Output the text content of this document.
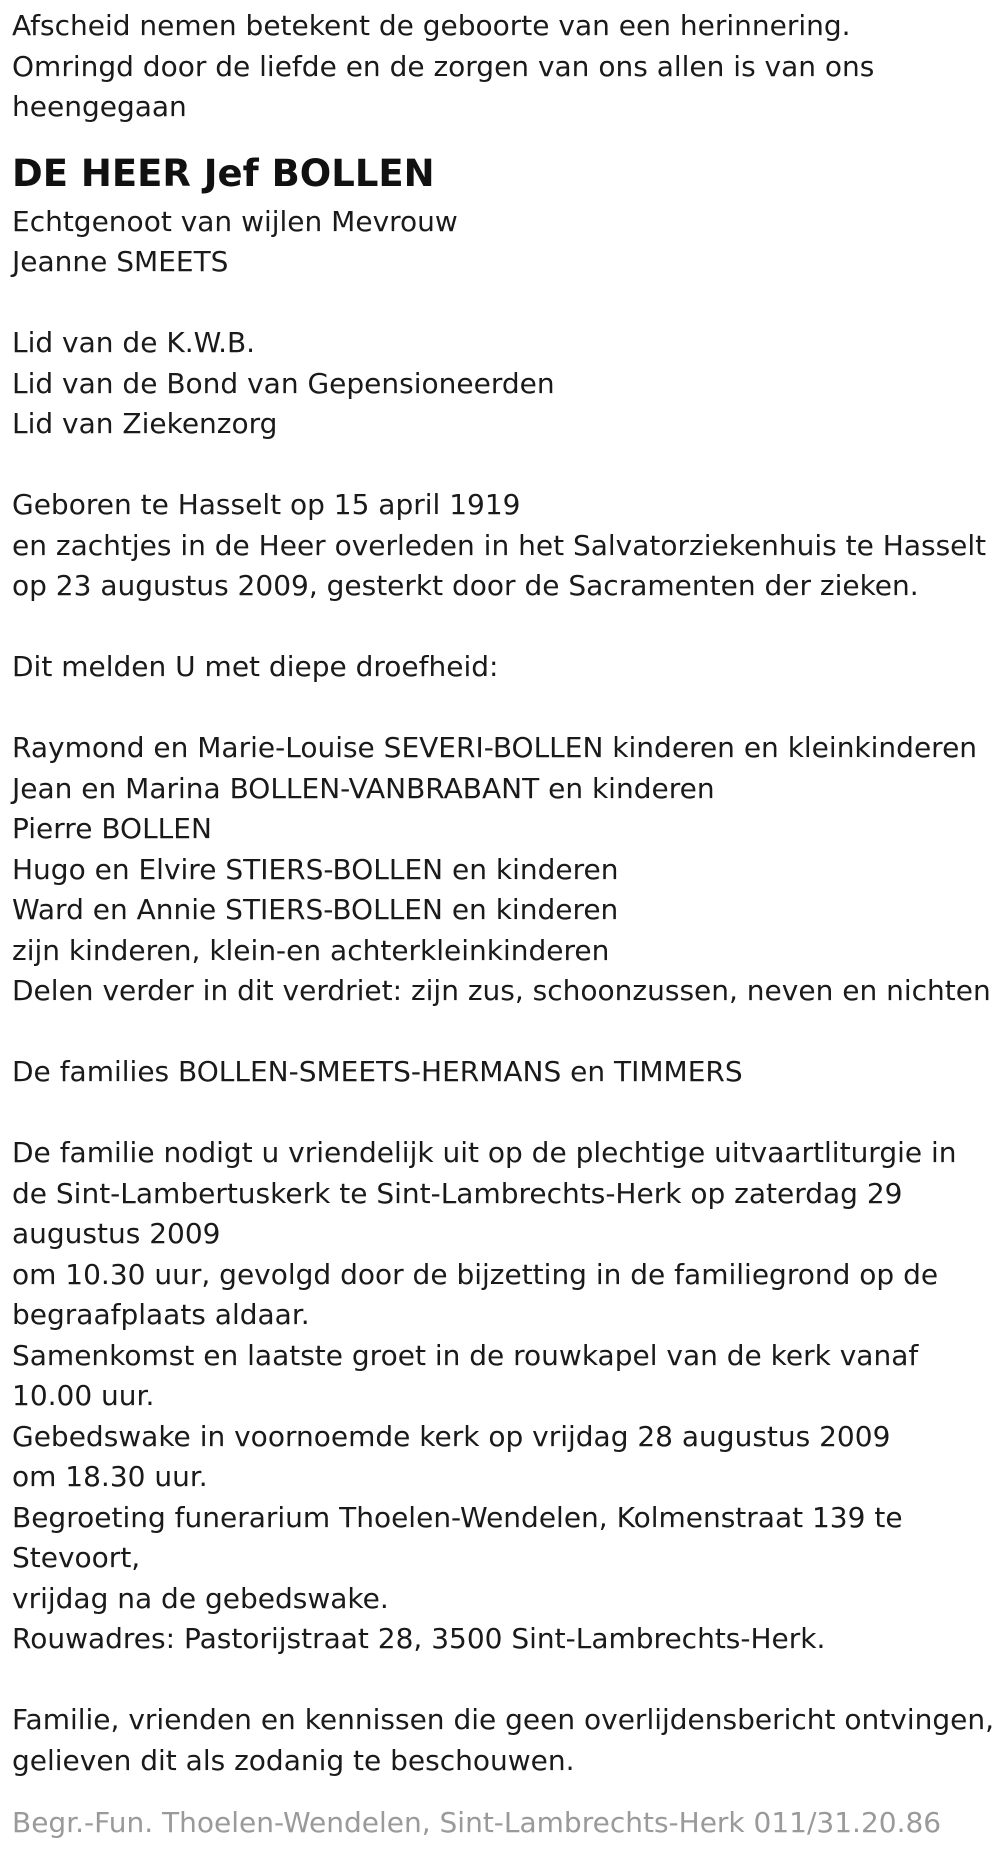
Afscheid nemen betekent de geboorte van een herinnering.
Omringd door de liefde en de zorgen van ons allen is van ons
heengegaan
DE HEER Jef BOLLEN
Echtgenoot van wijlen Mevrouw
Jeanne SMEETS
Lid van de K.W.B.
Lid van de Bond van Gepensioneerden
Lid van Ziekenzorg
Geboren te Hasselt op 15 april 1919
en zachtjes in de Heer overleden in het Salvatorziekenhuis te Hasselt
op 23 augustus 2009, gesterkt door de Sacramenten der zieken.
Dit melden U met diepe droefheid:
Raymond en Marie-Louise SEVERI-BOLLEN kinderen en kleinkinderen
Jean en Marina BOLLEN-VANBRABANT en kinderen
Pierre BOLLEN
Hugo en Elvire STIERS-BOLLEN en kinderen
Ward en Annie STIERS-BOLLEN en kinderen
zijn kinderen, klein-en achterkleinkinderen
Delen verder in dit verdriet: zijn zus, schoonzussen, neven en nichten
De families BOLLEN-SMEETS-HERMANS en TIMMERS
De familie nodigt u vriendelijk uit op de plechtige uitvaartliturgie in de Sint-Lambertuskerk te Sint-Lambrechts-Herk op zaterdag 29 augustus 2009
om 10.30 uur, gevolgd door de bijzetting in de familiegrond op de begraafplaats aldaar.
Samenkomst en laatste groet in de rouwkapel van de kerk vanaf 10.00 uur.
Gebedswake in voornoemde kerk op vrijdag 28 augustus 2009
om 18.30 uur.
Begroeting funerarium Thoelen-Wendelen, Kolmenstraat 139 te Stevoort,
vrijdag na de gebedswake.
Rouwadres: Pastorijstraat 28, 3500 Sint-Lambrechts-Herk.
Familie, vrienden en kennissen die geen overlijdensbericht ontvingen,
gelieven dit als zodanig te beschouwen.
Begr.-Fun. Thoelen-Wendelen, Sint-Lambrechts-Herk 011/31.20.86
